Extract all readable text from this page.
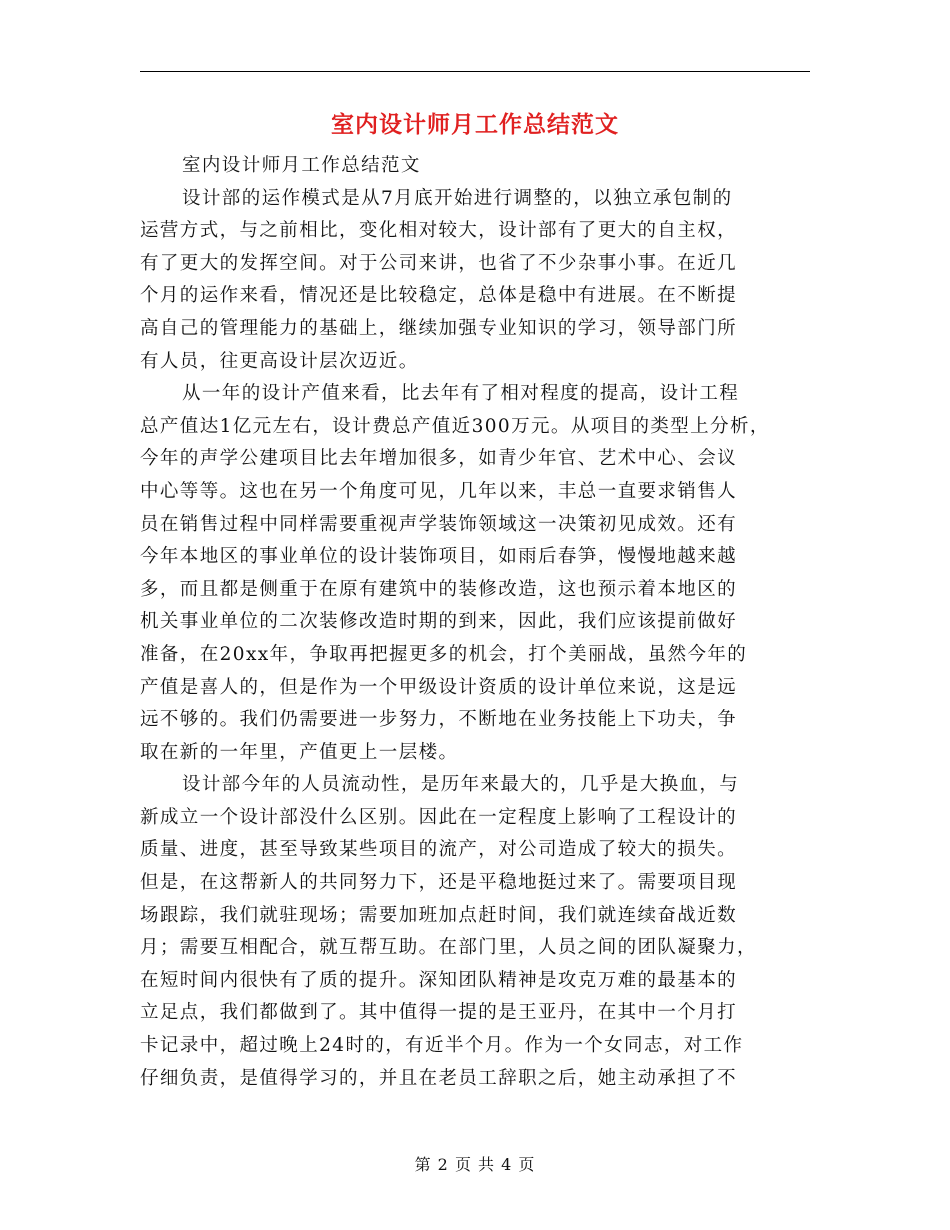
室内设计师月工作总结范文
室内设计师月工作总结范文
设计部的运作模式是从7月底开始进行调整的，以独立承包制的
运营方式，与之前相比，变化相对较大，设计部有了更大的自主权，
有了更大的发挥空间。对于公司来讲，也省了不少杂事小事。在近几
个月的运作来看，情况还是比较稳定，总体是稳中有进展。在不断提
高自己的管理能力的基础上，继续加强专业知识的学习，领导部门所
有人员，往更高设计层次迈近。
从一年的设计产值来看，比去年有了相对程度的提高，设计工程
总产值达1亿元左右，设计费总产值近300万元。从项目的类型上分析，
今年的声学公建项目比去年增加很多，如青少年官、艺术中心、会议
中心等等。这也在另一个角度可见，几年以来，丰总一直要求销售人
员在销售过程中同样需要重视声学装饰领域这一决策初见成效。还有
今年本地区的事业单位的设计装饰项目，如雨后春笋，慢慢地越来越
多，而且都是侧重于在原有建筑中的装修改造，这也预示着本地区的
机关事业单位的二次装修改造时期的到来，因此，我们应该提前做好
准备，在20xx年，争取再把握更多的机会，打个美丽战，虽然今年的
产值是喜人的，但是作为一个甲级设计资质的设计单位来说，这是远
远不够的。我们仍需要进一步努力，不断地在业务技能上下功夫，争
取在新的一年里，产值更上一层楼。
设计部今年的人员流动性，是历年来最大的，几乎是大换血，与
新成立一个设计部没什么区别。因此在一定程度上影响了工程设计的
质量、进度，甚至导致某些项目的流产，对公司造成了较大的损失。
但是，在这帮新人的共同努力下，还是平稳地挺过来了。需要项目现
场跟踪，我们就驻现场；需要加班加点赶时间，我们就连续奋战近数
月；需要互相配合，就互帮互助。在部门里，人员之间的团队凝聚力，
在短时间内很快有了质的提升。深知团队精神是攻克万难的最基本的
立足点，我们都做到了。其中值得一提的是王亚丹，在其中一个月打
卡记录中，超过晚上24时的，有近半个月。作为一个女同志，对工作
仔细负责，是值得学习的，并且在老员工辞职之后，她主动承担了不
第 2 页 共 4 页
